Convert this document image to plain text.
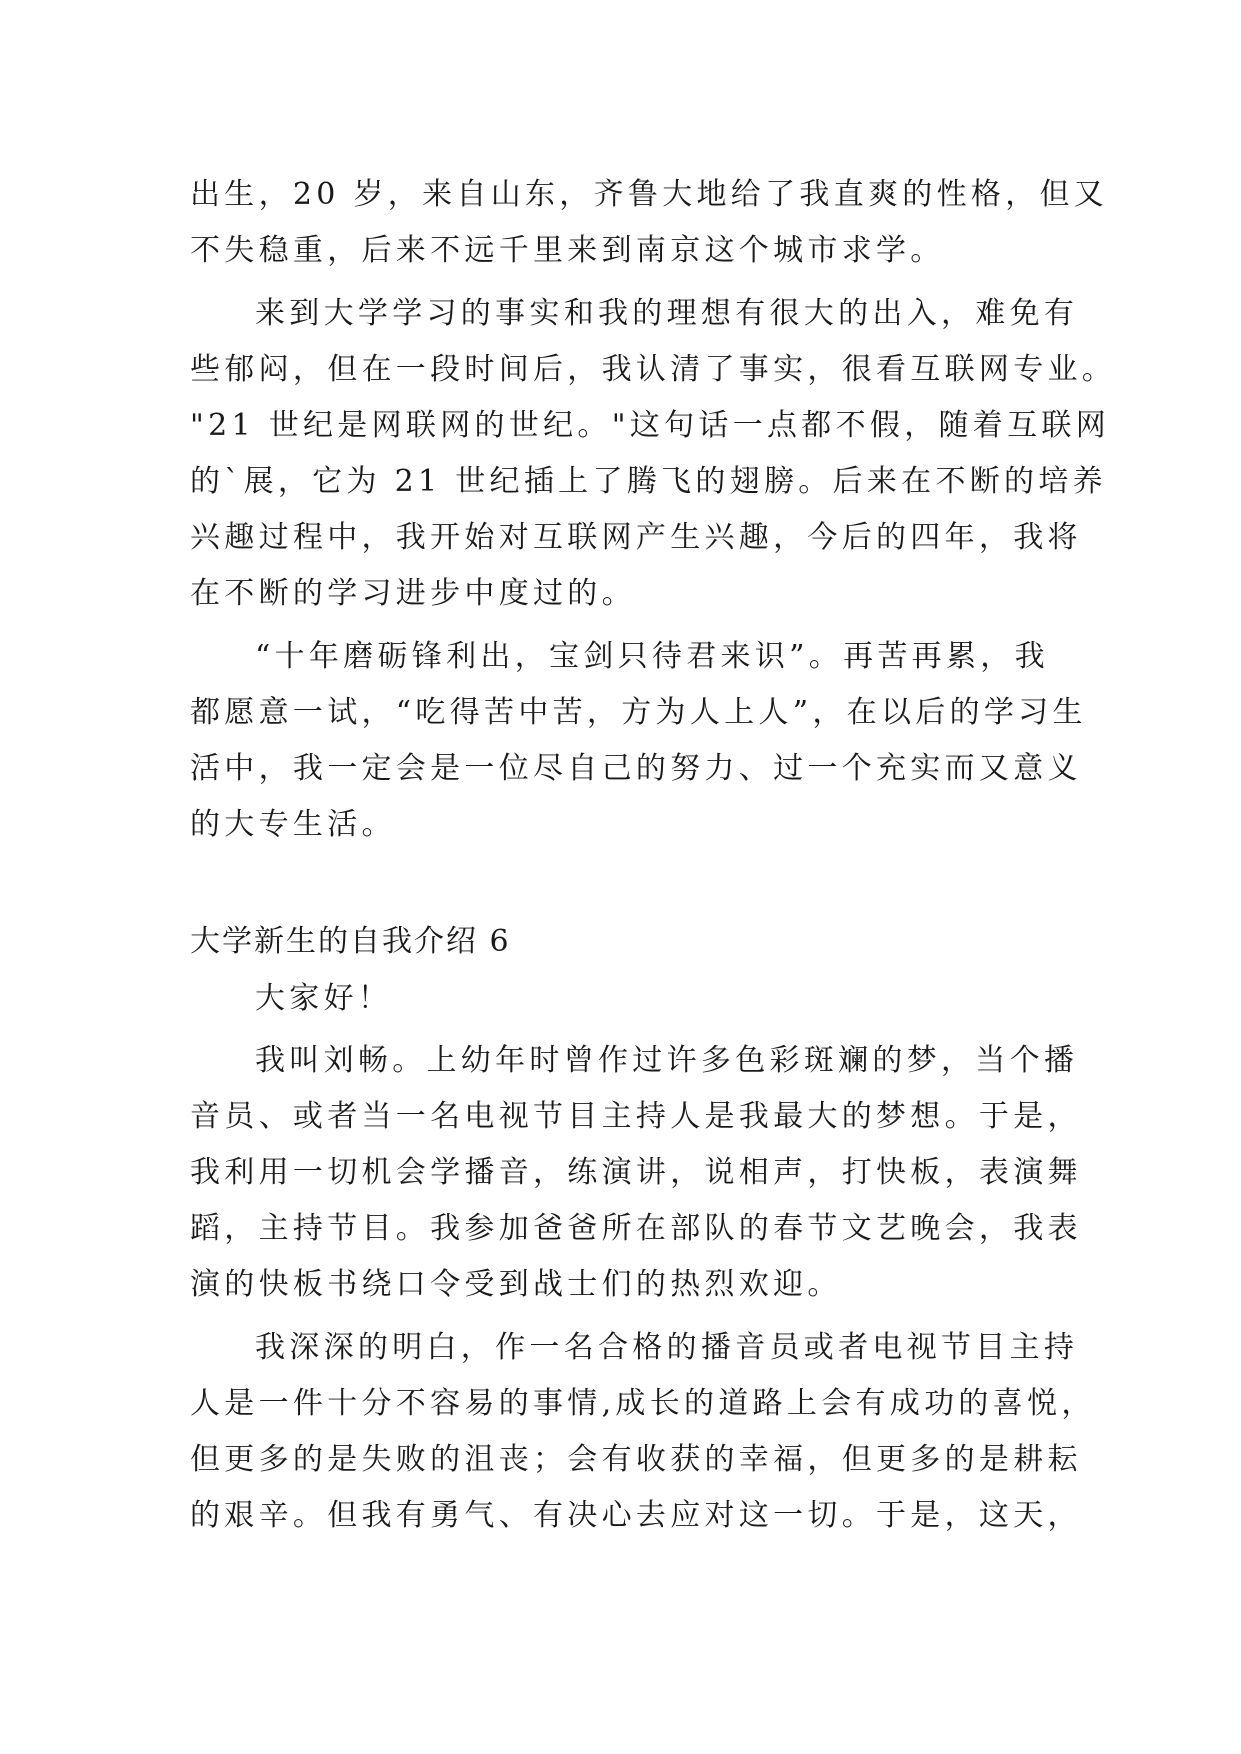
出生，20 岁，来自山东，齐鲁大地给了我直爽的性格，但又
不失稳重，后来不远千里来到南京这个城市求学。
来到大学学习的事实和我的理想有很大的出入，难免有
些郁闷，但在一段时间后，我认清了事实，很看互联网专业。
"21 世纪是网联网的世纪。"这句话一点都不假，随着互联网
的`展，它为 21 世纪插上了腾飞的翅膀。后来在不断的培养
兴趣过程中，我开始对互联网产生兴趣，今后的四年，我将
在不断的学习进步中度过的。
“十年磨砺锋利出，宝剑只待君来识”。再苦再累，我
都愿意一试，“吃得苦中苦，方为人上人”，在以后的学习生
活中，我一定会是一位尽自己的努力、过一个充实而又意义
的大专生活。
大学新生的自我介绍 6
大家好！
我叫刘畅。上幼年时曾作过许多色彩斑斓的梦，当个播
音员、或者当一名电视节目主持人是我最大的梦想。于是，
我利用一切机会学播音，练演讲，说相声，打快板，表演舞
蹈，主持节目。我参加爸爸所在部队的春节文艺晚会，我表
演的快板书绕口令受到战士们的热烈欢迎。
我深深的明白，作一名合格的播音员或者电视节目主持
人是一件十分不容易的事情,成长的道路上会有成功的喜悦，
但更多的是失败的沮丧；会有收获的幸福，但更多的是耕耘
的艰辛。但我有勇气、有决心去应对这一切。于是，这天，
